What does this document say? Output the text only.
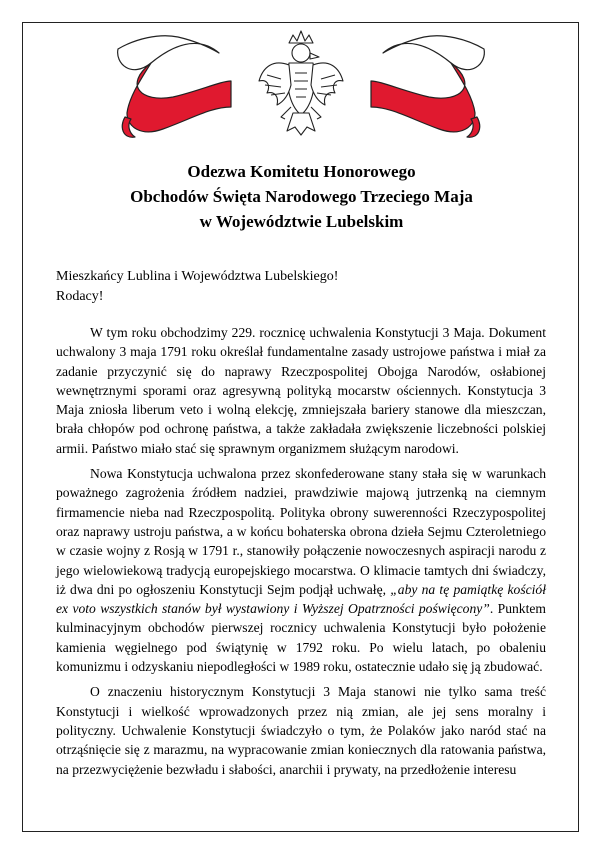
Odezwa Komitetu Honorowego
Obchodów Święta Narodowego Trzeciego Maja
w Województwie Lubelskim
Mieszkańcy Lublina i Województwa Lubelskiego!
Rodacy!

W tym roku obchodzimy 229. rocznicę uchwalenia Konstytucji 3 Maja. Dokument uchwalony 3 maja 1791 roku określał fundamentalne zasady ustrojowe państwa i miał za zadanie przyczynić się do naprawy Rzeczpospolitej Obojga Narodów, osłabionej wewnętrznymi sporami oraz agresywną polityką mocarstw ościennych. Konstytucja 3 Maja zniosła liberum veto i wolną elekcję, zmniejszała bariery stanowe dla mieszczan, brała chłopów pod ochronę państwa, a także zakładała zwiększenie liczebności polskiej armii. Państwo miało stać się sprawnym organizmem służącym narodowi.

Nowa Konstytucja uchwalona przez skonfederowane stany stała się w warunkach poważnego zagrożenia źródłem nadziei, prawdziwie majową jutrzenką na ciemnym firmamencie nieba nad Rzeczpospolitą. Polityka obrony suwerenności Rzeczypospolitej oraz naprawy ustroju państwa, a w końcu bohaterska obrona dzieła Sejmu Czteroletniego w czasie wojny z Rosją w 1791 r., stanowiły połączenie nowoczesnych aspiracji narodu z jego wielowiekową tradycją europejskiego mocarstwa. O klimacie tamtych dni świadczy, iż dwa dni po ogłoszeniu Konstytucji Sejm podjął uchwałę, „aby na tę pamiątkę kościół ex voto wszystkich stanów był wystawiony i Wyższej Opatrzności poświęcony”. Punktem kulminacyjnym obchodów pierwszej rocznicy uchwalenia Konstytucji było położenie kamienia węgielnego pod świątynię w 1792 roku. Po wielu latach, po obaleniu komunizmu i odzyskaniu niepodległości w 1989 roku, ostatecznie udało się ją zbudować.

O znaczeniu historycznym Konstytucji 3 Maja stanowi nie tylko sama treść Konstytucji i wielkość wprowadzonych przez nią zmian, ale jej sens moralny i polityczny. Uchwalenie Konstytucji świadczyło o tym, że Polaków jako naród stać na otrząśnięcie się z marazmu, na wypracowanie zmian koniecznych dla ratowania państwa, na przezwyciężenie bezwładu i słabości, anarchii i prywaty, na przedłożenie interesu
